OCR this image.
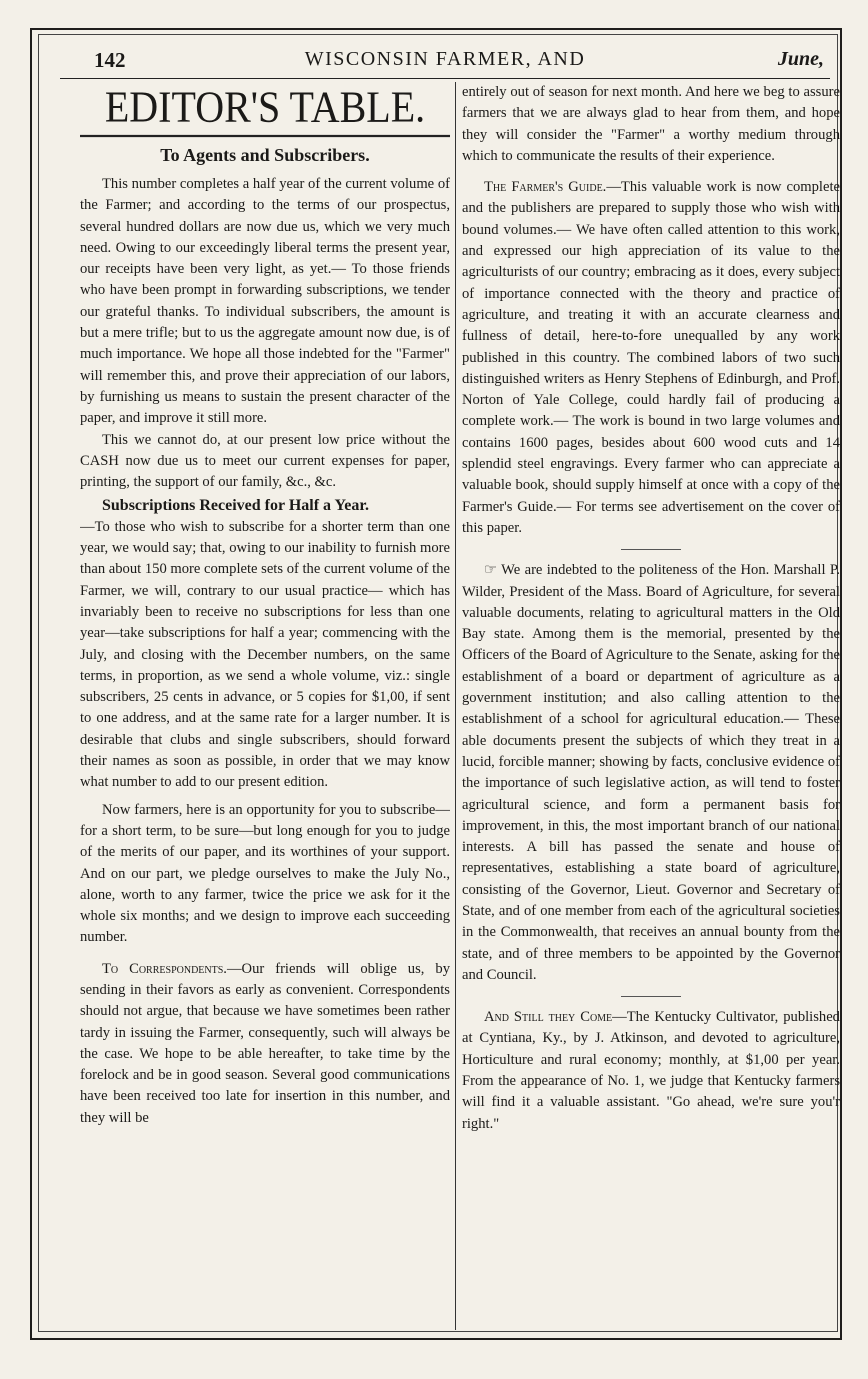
142	WISCONSIN FARMER, AND	June,
EDITOR'S TABLE.
To Agents and Subscribers.

This number completes a half year of the current volume of the Farmer; and according to the terms of our prospectus, several hundred dollars are now due us, which we very much need. Owing to our exceedingly liberal terms the present year, our receipts have been very light, as yet.— To those friends who have been prompt in forwarding subscriptions, we tender our grateful thanks. To individual subscribers, the amount is but a mere trifle; but to us the aggregate amount now due, is of much importance. We hope all those indebted for the "Farmer" will remember this, and prove their appreciation of our labors, by furnishing us means to sustain the present character of the paper, and improve it still more.

This we cannot do, at our present low price without the CASH now due us to meet our current expenses for paper, printing, the support of our family, &c., &c.

Subscriptions Received for Half a Year.

—To those who wish to subscribe for a shorter term than one year, we would say; that, owing to our inability to furnish more than about 150 more complete sets of the current volume of the Farmer, we will, contrary to our usual practice— which has invariably been to receive no subscriptions for less than one year—take subscriptions for half a year; commencing with the July, and closing with the December numbers, on the same terms, in proportion, as we send a whole volume, viz.: single subscribers, 25 cents in advance, or 5 copies for $1,00, if sent to one address, and at the same rate for a larger number. It is desirable that clubs and single subscribers, should forward their names as soon as possible, in order that we may know what number to add to our present edition.

Now farmers, here is an opportunity for you to subscribe—for a short term, to be sure—but long enough for you to judge of the merits of our paper, and its worthines of your support. And on our part, we pledge ourselves to make the July No., alone, worth to any farmer, twice the price we ask for it the whole six months; and we design to improve each succeeding number.

To Correspondents.—Our friends will oblige us, by sending in their favors as early as convenient. Correspondents should not argue, that because we have sometimes been rather tardy in issuing the Farmer, consequently, such will always be the case. We hope to be able hereafter, to take time by the forelock and be in good season. Several good communications have been received too late for insertion in this number, and they will be

entirely out of season for next month. And here we beg to assure farmers that we are always glad to hear from them, and hope they will consider the "Farmer" a worthy medium through which to communicate the results of their experience.

The Farmer's Guide.—This valuable work is now complete and the publishers are prepared to supply those who wish with bound volumes.— We have often called attention to this work, and expressed our high appreciation of its value to the agriculturists of our country; embracing as it does, every subject of importance connected with the theory and practice of agriculture, and treating it with an accurate clearness and fullness of detail, here-to-fore unequalled by any work published in this country. The combined labors of two such distinguished writers as Henry Stephens of Edinburgh, and Prof. Norton of Yale College, could hardly fail of producing a complete work.— The work is bound in two large volumes and contains 1600 pages, besides about 600 wood cuts and 14 splendid steel engravings. Every farmer who can appreciate a valuable book, should supply himself at once with a copy of the Farmer's Guide.— For terms see advertisement on the cover of this paper.

☞ We are indebted to the politeness of the Hon. Marshall P. Wilder, President of the Mass. Board of Agriculture, for several valuable documents, relating to agricultural matters in the Old Bay state. Among them is the memorial, presented by the Officers of the Board of Agriculture to the Senate, asking for the establishment of a board or department of agriculture as a government institution; and also calling attention to the establishment of a school for agricultural education.— These able documents present the subjects of which they treat in a lucid, forcible manner; showing by facts, conclusive evidence of the importance of such legislative action, as will tend to foster agricultural science, and form a permanent basis for improvement, in this, the most important branch of our national interests. A bill has passed the senate and house of representatives, establishing a state board of agriculture, consisting of the Governor, Lieut. Governor and Secretary of State, and of one member from each of the agricultural societies in the Commonwealth, that receives an annual bounty from the state, and of three members to be appointed by the Governor and Council.

And Still they Come—The Kentucky Cultivator, published at Cyntiana, Ky., by J. Atkinson, and devoted to agriculture, Horticulture and rural economy; monthly, at $1,00 per year. From the appearance of No. 1, we judge that Kentucky farmers will find it a valuable assistant. "Go ahead, we're sure you'r right."
